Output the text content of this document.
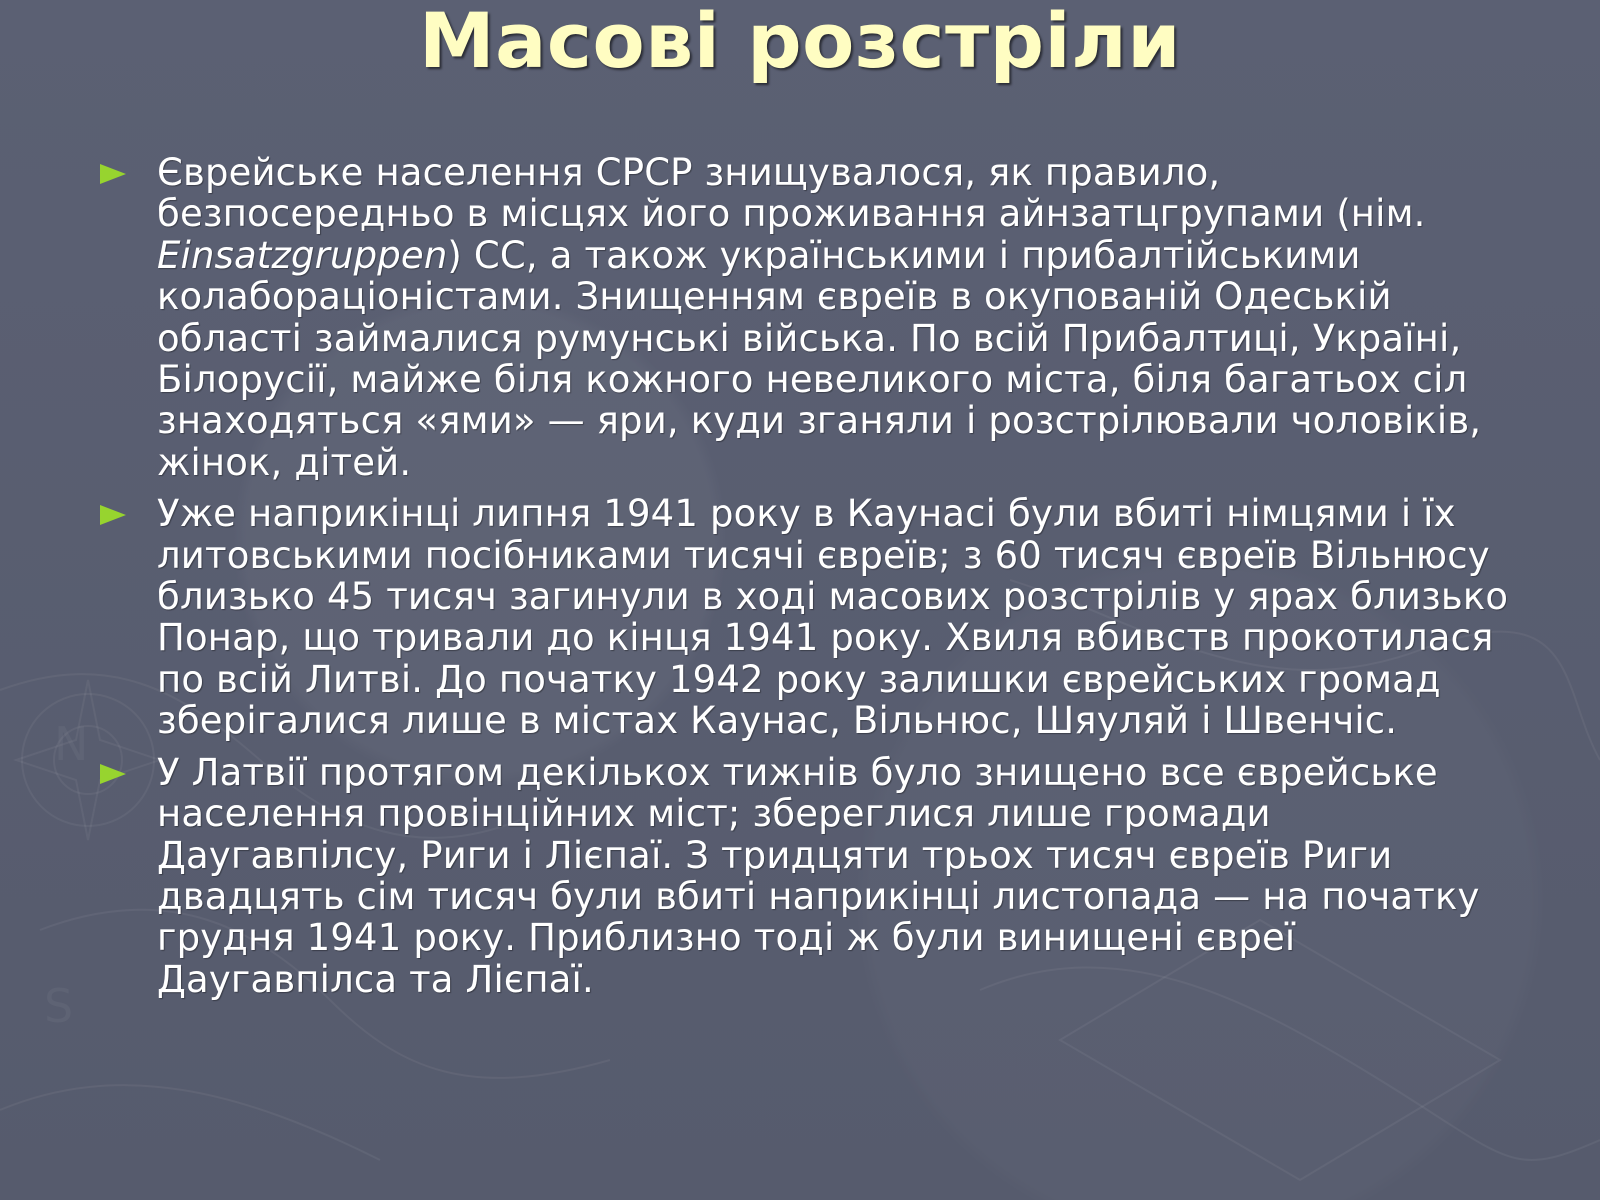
S
N
Масові розстріли
Єврейське населення СРСР знищувалося, як правило, безпосередньо в місцях його проживання айнзатцгрупами (нім. Einsatzgruppen) СС, а також українськими і прибалтійськими колабораціоністами. Знищенням євреїв в окупованій Одеській області займалися румунські війська. По всій Прибалтиці, Україні, Білорусії, майже біля кожного невеликого міста, біля багатьох сіл знаходяться «ями» — яри, куди зганяли і розстрілювали чоловіків, жінок, дітей.
Уже наприкінці липня 1941 року в Каунасі були вбиті німцями і їх литовськими посібниками тисячі євреїв; з 60 тисяч євреїв Вільнюсу близько 45 тисяч загинули в ході масових розстрілів у ярах близько Понар, що тривали до кінця 1941 року. Хвиля вбивств прокотилася по всій Литві. До початку 1942 року залишки єврейських громад зберігалися лише в містах Каунас, Вільнюс, Шяуляй і Швенчіс.
У Латвії протягом декількох тижнів було знищено все єврейське населення провінційних міст; збереглися лише громади Даугавпілсу, Риги і Лієпаї. З тридцяти трьох тисяч євреїв Риги двадцять сім тисяч були вбиті наприкінці листопада — на початку грудня 1941 року. Приблизно тоді ж були винищені євреї Даугавпілса та Лієпаї.
